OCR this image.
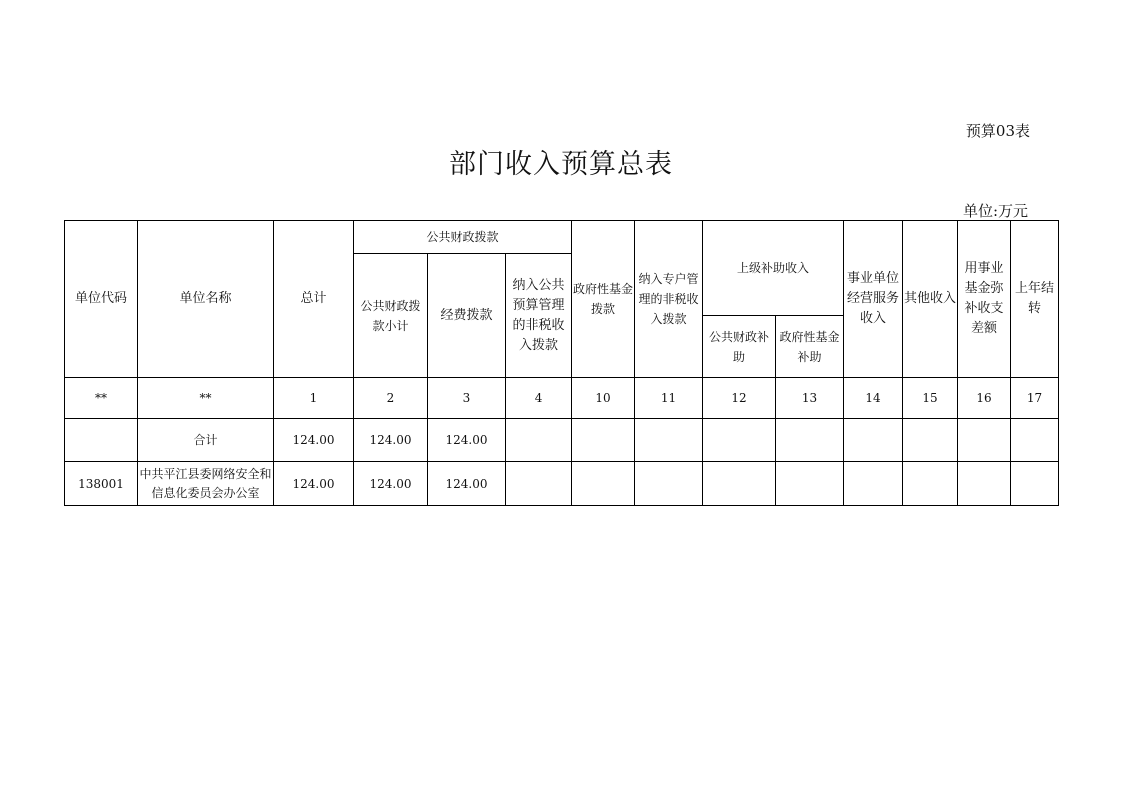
预算03表
部门收入预算总表
单位:万元
单位代码	单位名称	总计	公共财政拨款			政府性基金拨款	纳入专户管理的非税收入拨款	上级补助收入		事业单位经营服务收入	其他收入	用事业基金弥补收支差额	上年结转
			公共财政拨款小计	经费拨款	纳入公共预算管理的非税收入拨款								
								公共财政补助	政府性基金补助				
**	**	1	2	3	4	10	11	12	13	14	15	16	17
	合计	124.00	124.00	124.00									
138001	中共平江县委网络安全和信息化委员会办公室	124.00	124.00	124.00									
